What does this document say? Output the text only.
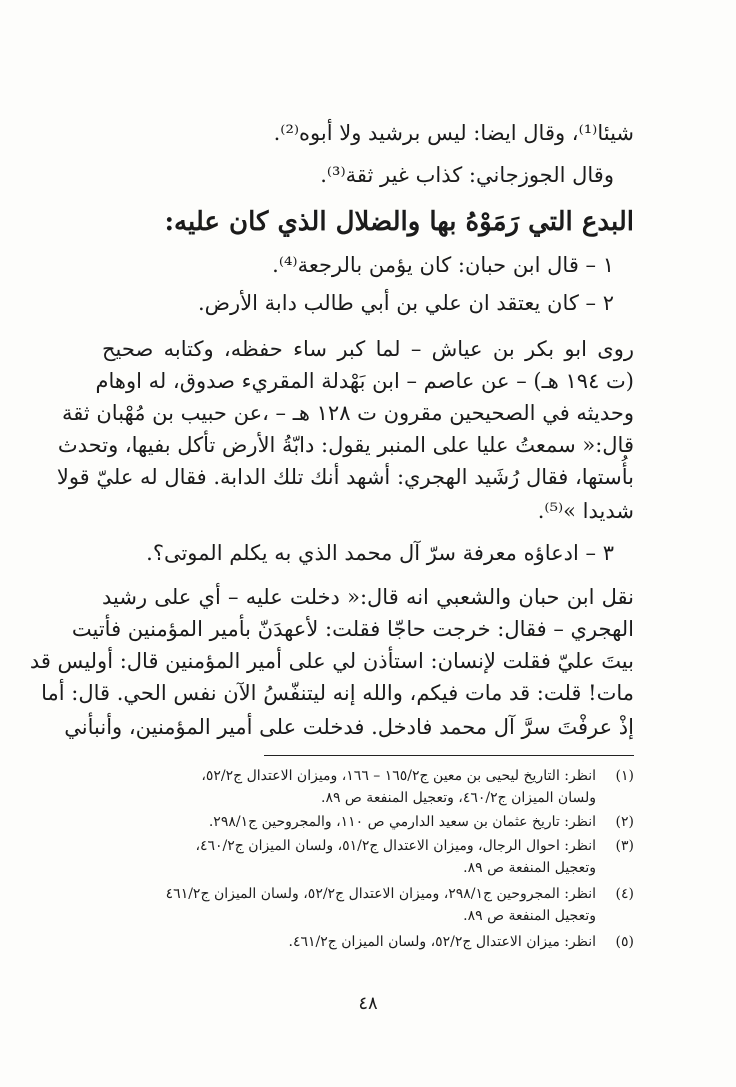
شيئا⁽¹⁾، وقال ايضا: ليس برشيد ولا أبوه⁽²⁾.
وقال الجوزجاني: كذاب غير ثقة⁽³⁾.
البدع التي رَمَوْهُ بها والضلال الذي كان عليه:
١ – قال ابن حبان: كان يؤمن بالرجعة⁽⁴⁾.
٢ – كان يعتقد ان علي بن أبي طالب دابة الأرض.
روى ابو بكر بن عياش – لما كبر ساء حفظه، وكتابه صحيح
(ت ١٩٤ هـ) – عن عاصم – ابن بَهْدلة المقريء صدوق، له اوهام
وحديثه في الصحيحين مقرون ت ١٢٨ هـ – ،عن حبيب بن مُهْبان ثقة
قال:« سمعتُ عليا على المنبر يقول: دابّةُ الأرض تأكل بفيها، وتحدث
بأُستها، فقال رُشَيد الهجري: أشهد أنك تلك الدابة. فقال له عليّ قولا
شديدا »⁽⁵⁾.
٣ – ادعاؤه معرفة سرّ آل محمد الذي به يكلم الموتى؟.
نقل ابن حبان والشعبي انه قال:« دخلت عليه – أي على رشيد
الهجري – فقال: خرجت حاجّا فقلت: لأعهدَنّ بأمير المؤمنين فأتيت
بيتَ عليّ فقلت لإنسان: استأذن لي على أمير المؤمنين قال: أوليس قد
مات! قلت: قد مات فيكم، والله إنه ليتنفّسُ الآن نفس الحي. قال: أما
إذْ عرفْتَ سرَّ آل محمد فادخل. فدخلت على أمير المؤمنين، وأنبأني
(١)انظر: التاريخ ليحيى بن معين ج١٦٥/٢ – ١٦٦، وميزان الاعتدال ج٥٢/٢،
ولسان الميزان ج٤٦٠/٢، وتعجيل المنفعة ص ٨٩.
(٢)انظر: تاريخ عثمان بن سعيد الدارمي ص ١١٠، والمجروحين ج٢٩٨/١.
(٣)انظر: احوال الرجال، وميزان الاعتدال ج٥١/٢، ولسان الميزان ج٤٦٠/٢،
وتعجيل المنفعة ص ٨٩.
(٤)انظر: المجروحين ج٢٩٨/١، وميزان الاعتدال ج٥٢/٢، ولسان الميزان ج٤٦١/٢
وتعجيل المنفعة ص ٨٩.
(٥)انظر: ميزان الاعتدال ج٥٢/٢، ولسان الميزان ج٤٦١/٢.
٤٨
